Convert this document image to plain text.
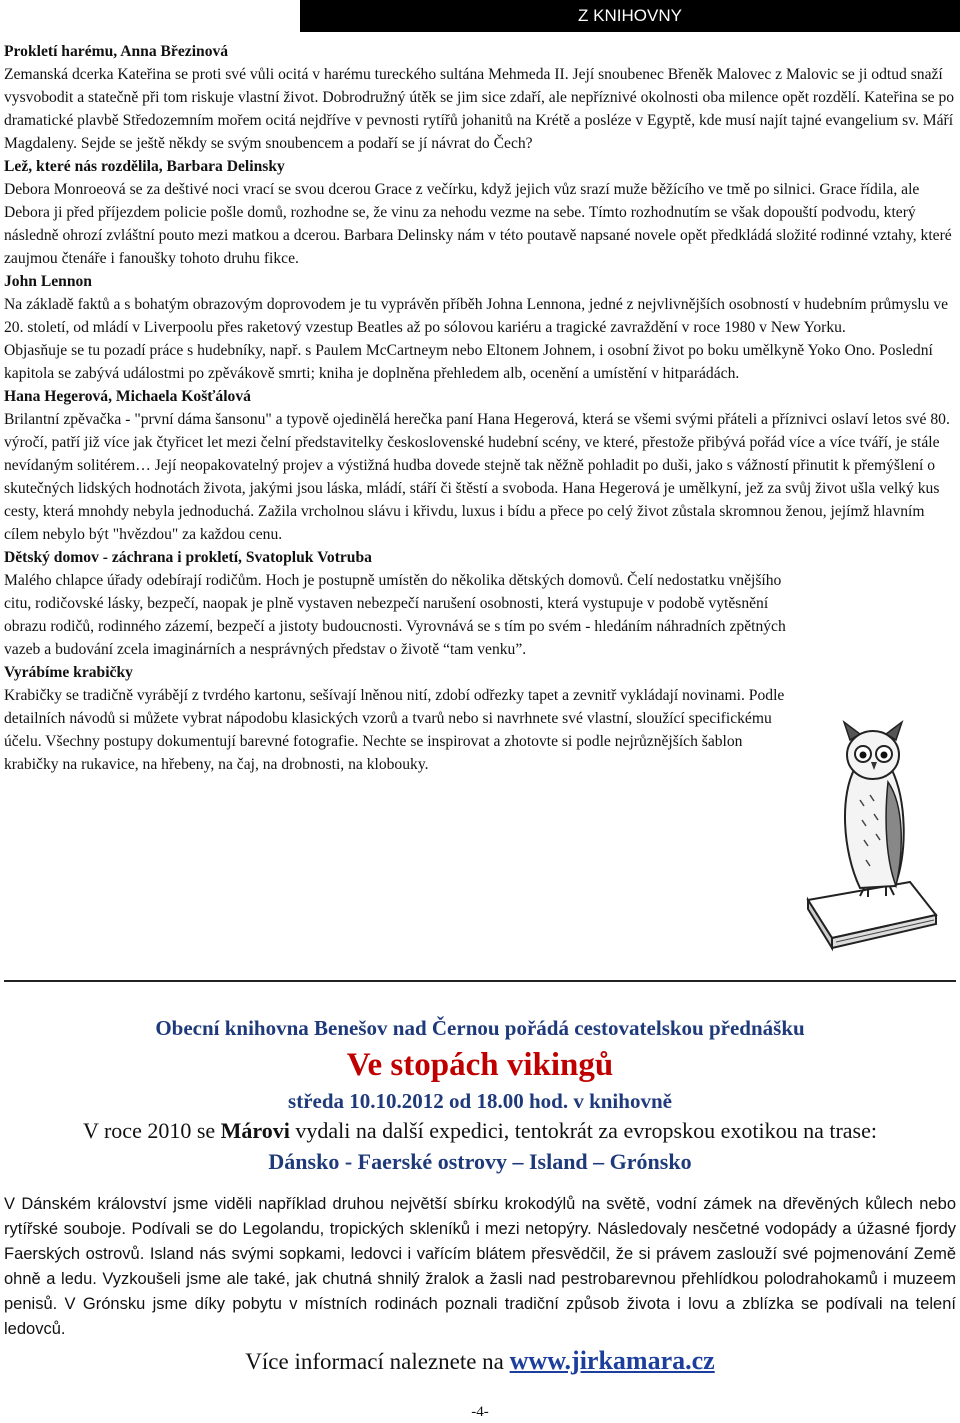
Z KNIHOVNY

Prokletí harému, Anna Březinová

Zemanská dcerka Kateřina se proti své vůli ocitá v harému tureckého sultána Mehmeda II. Její snoubenec Břeněk Malovec z Malovic se ji odtud snaží vysvobodit a statečně při tom riskuje vlastní život. Dobrodružný útěk se jim sice zdaří, ale nepříznivé okolnosti oba milence opět rozdělí. Kateřina se po dramatické plavbě Středozemním mořem ocitá nejdříve v pevnosti rytířů johanitů na Krétě a posléze v Egyptě, kde musí najít tajné evangelium sv. Máří Magdaleny. Sejde se ještě někdy se svým snoubencem a podaří se jí návrat do Čech?

Lež, které nás rozdělila, Barbara Delinsky

Debora Monroeová se za deštivé noci vrací se svou dcerou Grace z večírku, když jejich vůz srazí muže běžícího ve tmě po silnici. Grace řídila, ale Debora ji před příjezdem policie pošle domů, rozhodne se, že vinu za nehodu vezme na sebe. Tímto rozhodnutím se však dopouští podvodu, který následně ohrozí zvláštní pouto mezi matkou a dcerou. Barbara Delinsky nám v této poutavě napsané novele opět předkládá složité rodinné vztahy, které zaujmou čtenáře i fanoušky tohoto druhu fikce.

John Lennon

Na základě faktů a s bohatým obrazovým doprovodem je tu vyprávěn příběh Johna Lennona, jedné z nejvlivnějších osobností v hudebním průmyslu ve 20. století, od mládí v Liverpoolu přes raketový vzestup Beatles až po sólovou kariéru a tragické zavraždění v roce 1980 v New Yorku.

Objasňuje se tu pozadí práce s hudebníky, např. s Paulem McCartneym nebo Eltonem Johnem, i osobní život po boku umělkyně Yoko Ono. Poslední kapitola se zabývá událostmi po zpěvákově smrti; kniha je doplněna přehledem alb, ocenění a umístění v hitparádách.

Hana Hegerová, Michaela Košťálová

Brilantní zpěvačka - "první dáma šansonu" a typově ojedinělá herečka paní Hana Hegerová, která se všemi svými přáteli a příznivci oslaví letos své 80. výročí, patří již více jak čtyřicet let mezi čelní představitelky československé hudební scény, ve které, přestože přibývá pořád více a více tváří, je stále nevídaným solitérem… Její neopakovatelný projev a výstižná hudba dovede stejně tak něžně pohladit po duši, jako s vážností přinutit k přemýšlení o skutečných lidských hodnotách života, jakými jsou láska, mládí, stáří či štěstí a svoboda. Hana Hegerová je umělkyní, jež za svůj život ušla velký kus cesty, která mnohdy nebyla jednoduchá. Zažila vrcholnou slávu i křivdu, luxus i bídu a přece po celý život zůstala skromnou ženou, jejímž hlavním cílem nebylo být "hvězdou" za každou cenu.

Dětský domov - záchrana i prokletí, Svatopluk Votruba

Malého chlapce úřady odebírají rodičům. Hoch je postupně umístěn do několika dětských domovů. Čelí nedostatku vnějšího citu, rodičovské lásky, bezpečí, naopak je plně vystaven nebezpečí narušení osobnosti, která vystupuje v podobě vytěsnění obrazu rodičů, rodinného zázemí, bezpečí a jistoty budoucnosti. Vyrovnává se s tím po svém - hledáním náhradních zpětných vazeb a budování zcela imaginárních a nesprávných představ o životě “tam venku”.

Vyrábíme krabičky

Krabičky se tradičně vyrábějí z tvrdého kartonu, sešívají lněnou nití, zdobí odřezky tapet a zevnitř vykládají novinami. Podle detailních návodů si můžete vybrat nápodobu klasických vzorů a tvarů nebo si navrhnete své vlastní, sloužící specifickému účelu. Všechny postupy dokumentují barevné fotografie. Nechte se inspirovat a zhotovte si podle nejrůznějších šablon krabičky na rukavice, na hřebeny, na čaj, na drobnosti, na klobouky.

Obecní knihovna Benešov nad Černou pořádá cestovatelskou přednášku
Ve stopách vikingů
středa 10.10.2012 od 18.00 hod. v knihovně
V roce 2010 se Márovi vydali na další expedici, tentokrát za evropskou exotikou na trase:
Dánsko - Faerské ostrovy – Island – Grónsko
V Dánském království jsme viděli například druhou největší sbírku krokodýlů na světě, vodní zámek na dřevěných kůlech nebo rytířské souboje. Podívali se do Legolandu, tropických skleníků i mezi netopýry. Následovaly nesčetné vodopády a úžasné fjordy Faerských ostrovů. Island nás svými sopkami, ledovci i vařícím blátem přesvědčil, že si právem zaslouží své pojmenování Země ohně a ledu. Vyzkoušeli jsme ale také, jak chutná shnilý žralok a žasli nad pestrobarevnou přehlídkou polodrahokamů i muzeem penisů. V Grónsku jsme díky pobytu v místních rodinách poznali tradiční způsob života i lovu a zblízka se podívali na telení ledovců.
Více informací naleznete na www.jirkamara.cz
-4-
